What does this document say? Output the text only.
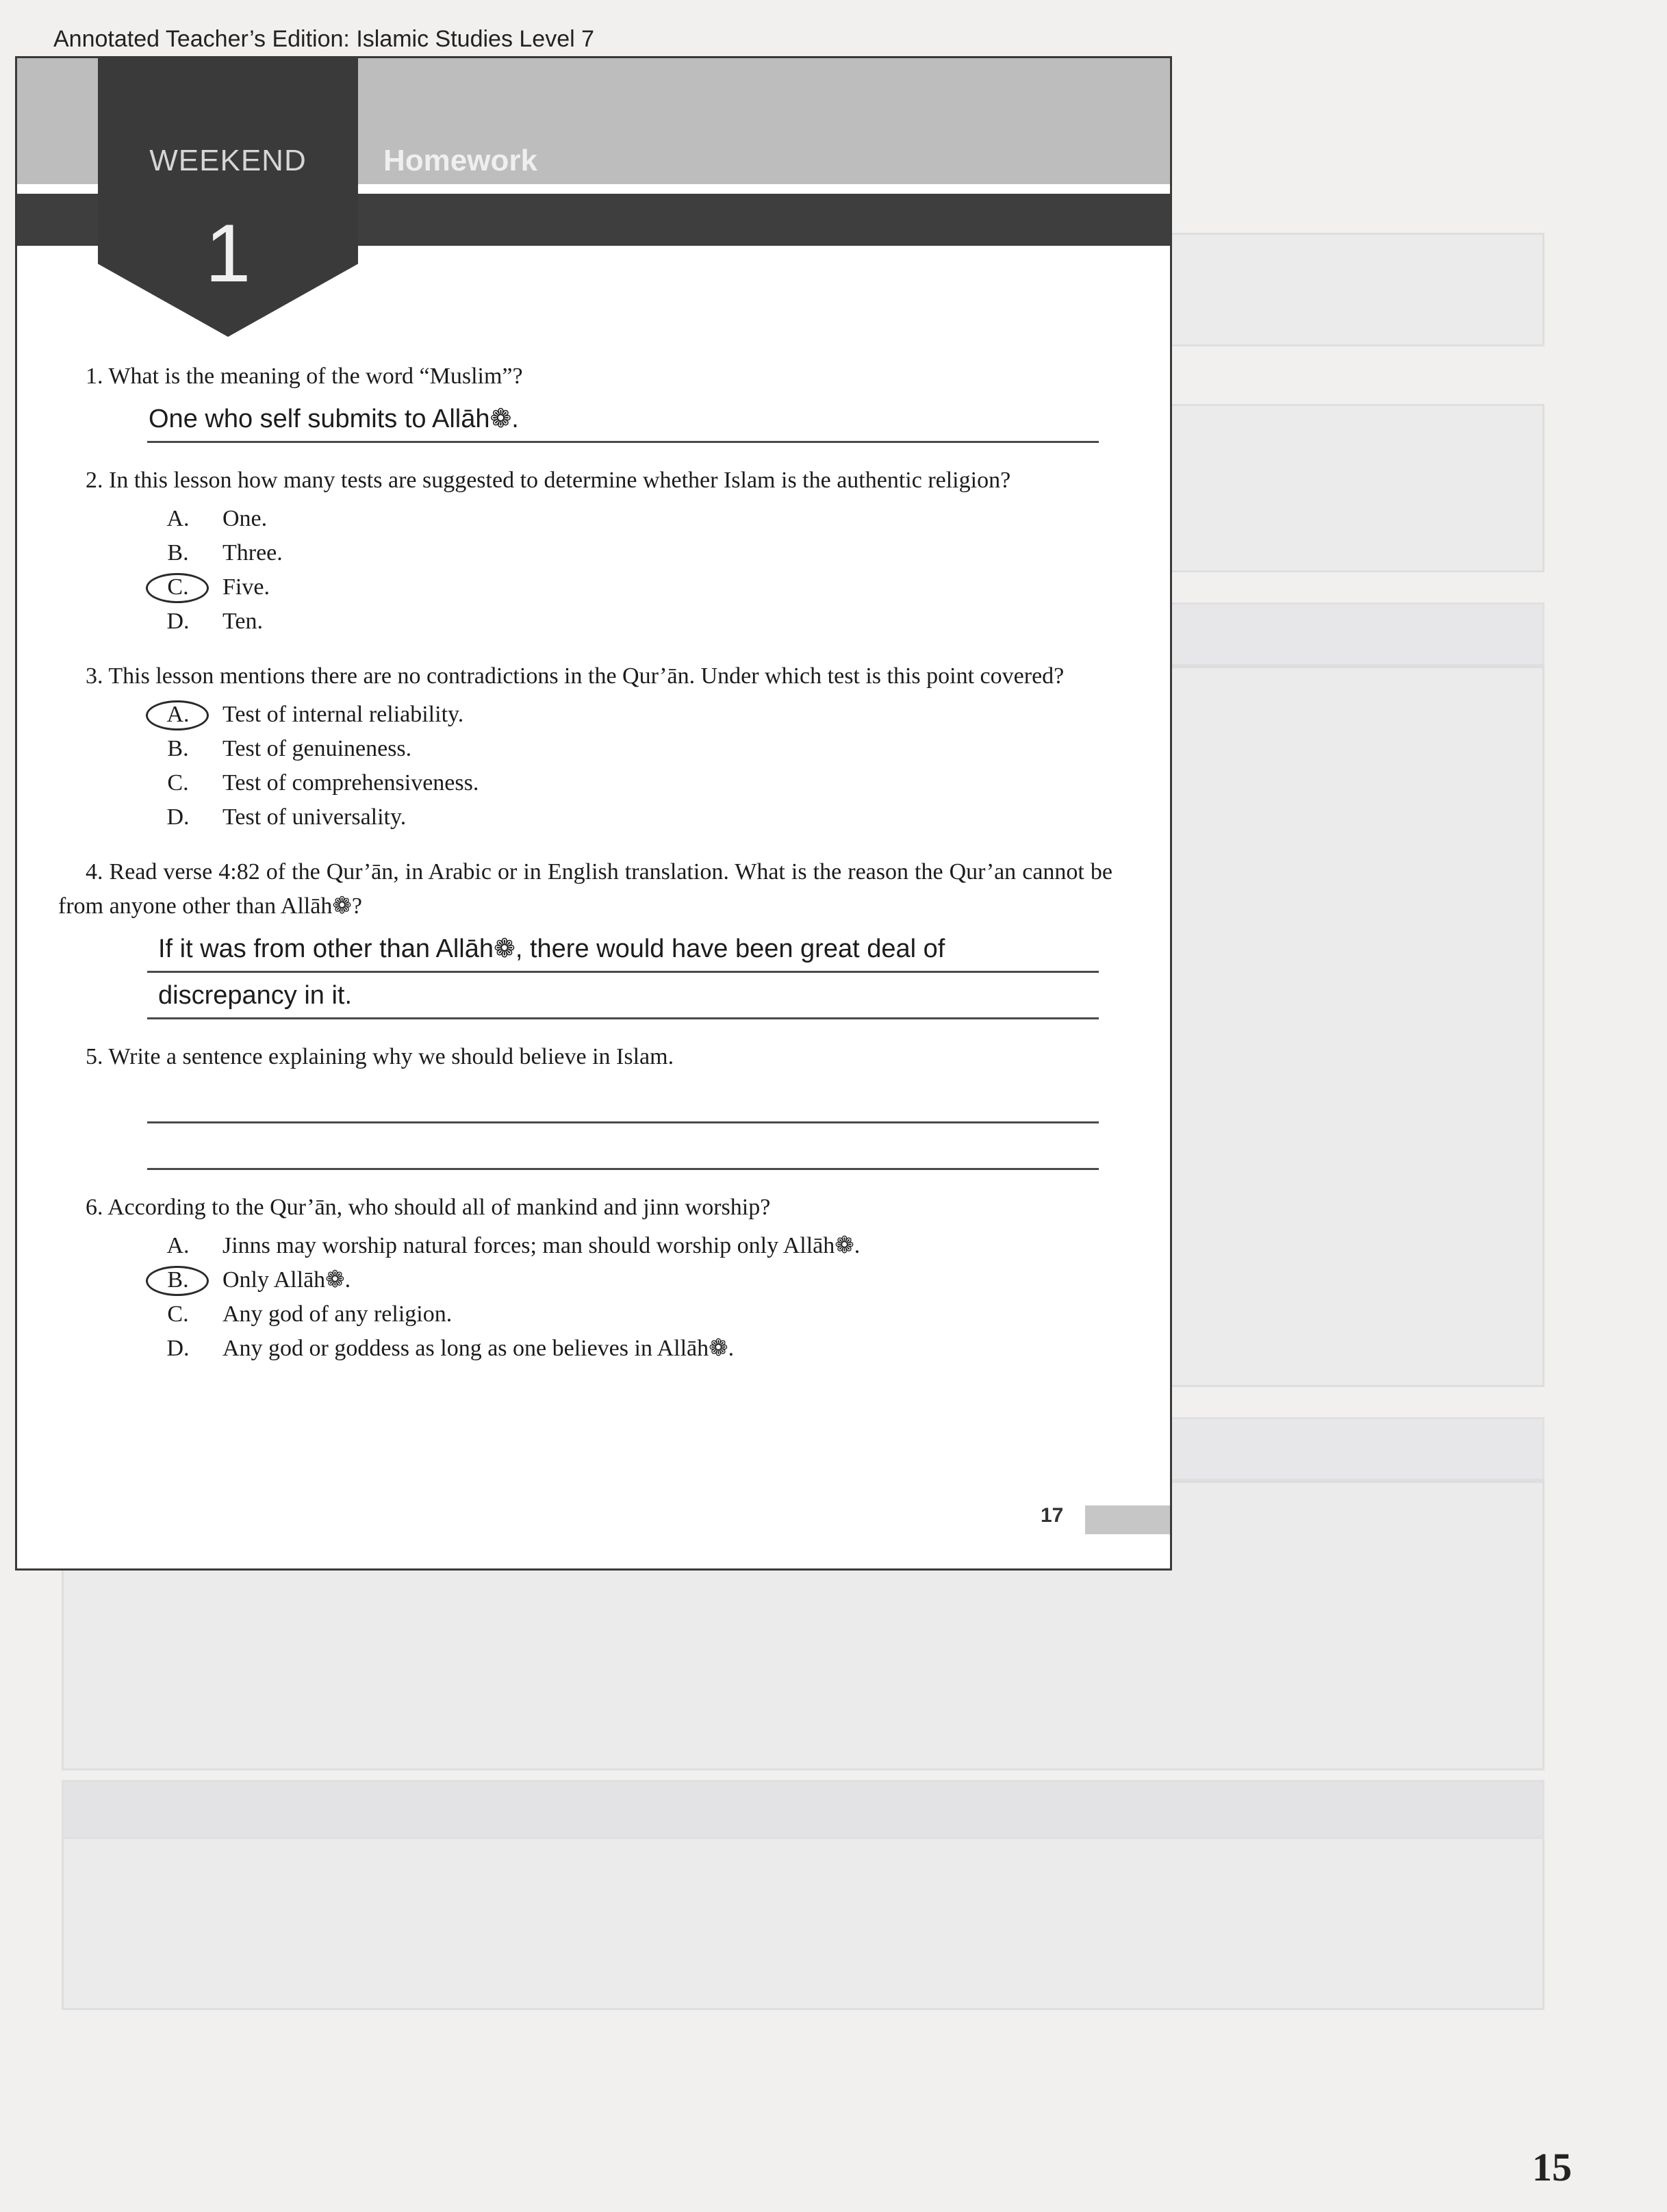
Annotated Teacher’s Edition: Islamic Studies Level 7
WEEKEND
1
Homework

1. What is the meaning of the word “Muslim”?

One who self submits to Allāh❁.

2. In this lesson how many tests are suggested to determine whether Islam is the authentic religion?

A.	One.
B.	Three.
C.	Five.
D.	Ten.

3. This lesson mentions there are no contradictions in the Qur’ān. Under which test is this point covered?

A.	Test of internal reliability.
B.	Test of genuineness.
C.	Test of comprehensiveness.
D.	Test of universality.

4. Read verse 4:82 of the Qur’ān, in Arabic or in English translation. What is the reason the Qur’an cannot be from anyone other than Allāh❁?

If it was from other than Allāh❁, there would have been great deal of
discrepancy in it.

5. Write a sentence explaining why we should believe in Islam.

6. According to the Qur’ān, who should all of mankind and jinn worship?

A.	Jinns may worship natural forces; man should worship only Allāh❁.
B.	Only Allāh❁.
C.	Any god of any religion.
D.	Any god or goddess as long as one believes in Allāh❁.
17
15
